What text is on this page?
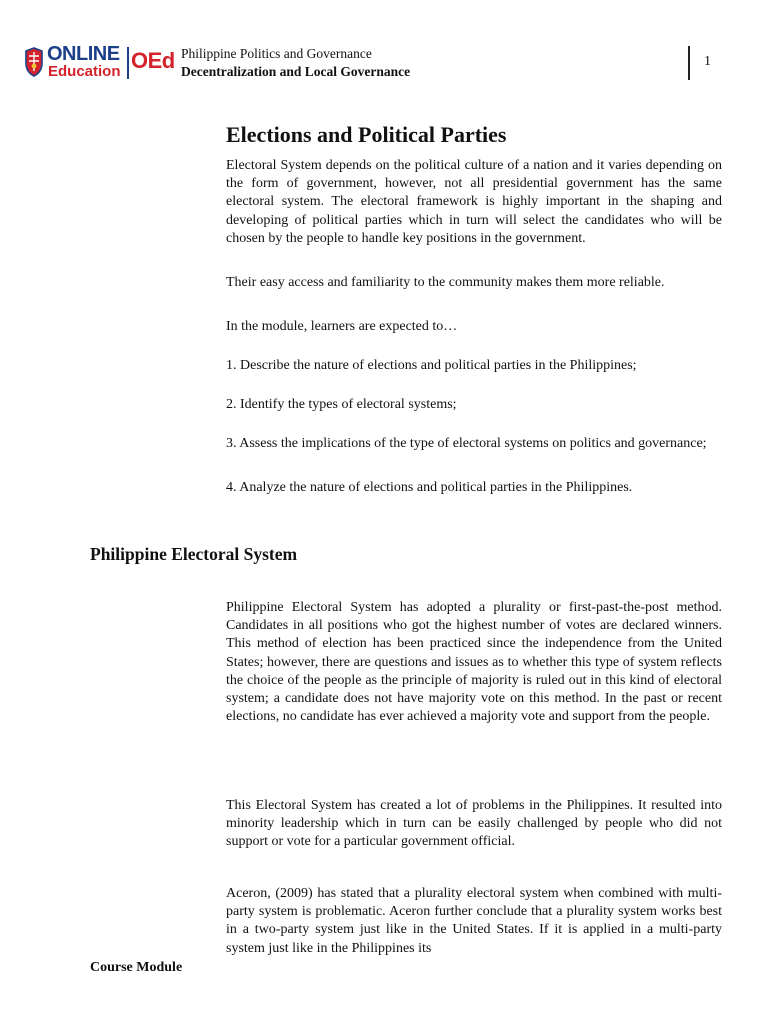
ONLINE
Education OEd Philippine Politics and Governance
Decentralization and Local Governance
1
Elections and Political Parties

Electoral System depends on the political culture of a nation and it varies depending on the form of government, however, not all presidential government has the same electoral system. The electoral framework is highly important in the shaping and developing of political parties which in turn will select the candidates who will be chosen by the people to handle key positions in the government.

Their easy access and familiarity to the community makes them more reliable.

In the module, learners are expected to…

1. Describe the nature of elections and political parties in the Philippines;

2. Identify the types of electoral systems;

3. Assess the implications of the type of electoral systems on politics and governance;

4. Analyze the nature of elections and political parties in the Philippines.

Philippine Electoral System

Philippine Electoral System has adopted a plurality or first-past-the-post method. Candidates in all positions who got the highest number of votes are declared winners. This method of election has been practiced since the independence from the United States; however, there are questions and issues as to whether this type of system reflects the choice of the people as the principle of majority is ruled out in this kind of electoral system; a candidate does not have majority vote on this method. In the past or recent elections, no candidate has ever achieved a majority vote and support from the people.

This Electoral System has created a lot of problems in the Philippines. It resulted into minority leadership which in turn can be easily challenged by people who did not support or vote for a particular government official.

Aceron, (2009) has stated that a plurality electoral system when combined with multi-party system is problematic. Aceron further conclude that a plurality system works best in a two-party system just like in the United States. If it is applied in a multi-party system just like in the Philippines its

Course Module
